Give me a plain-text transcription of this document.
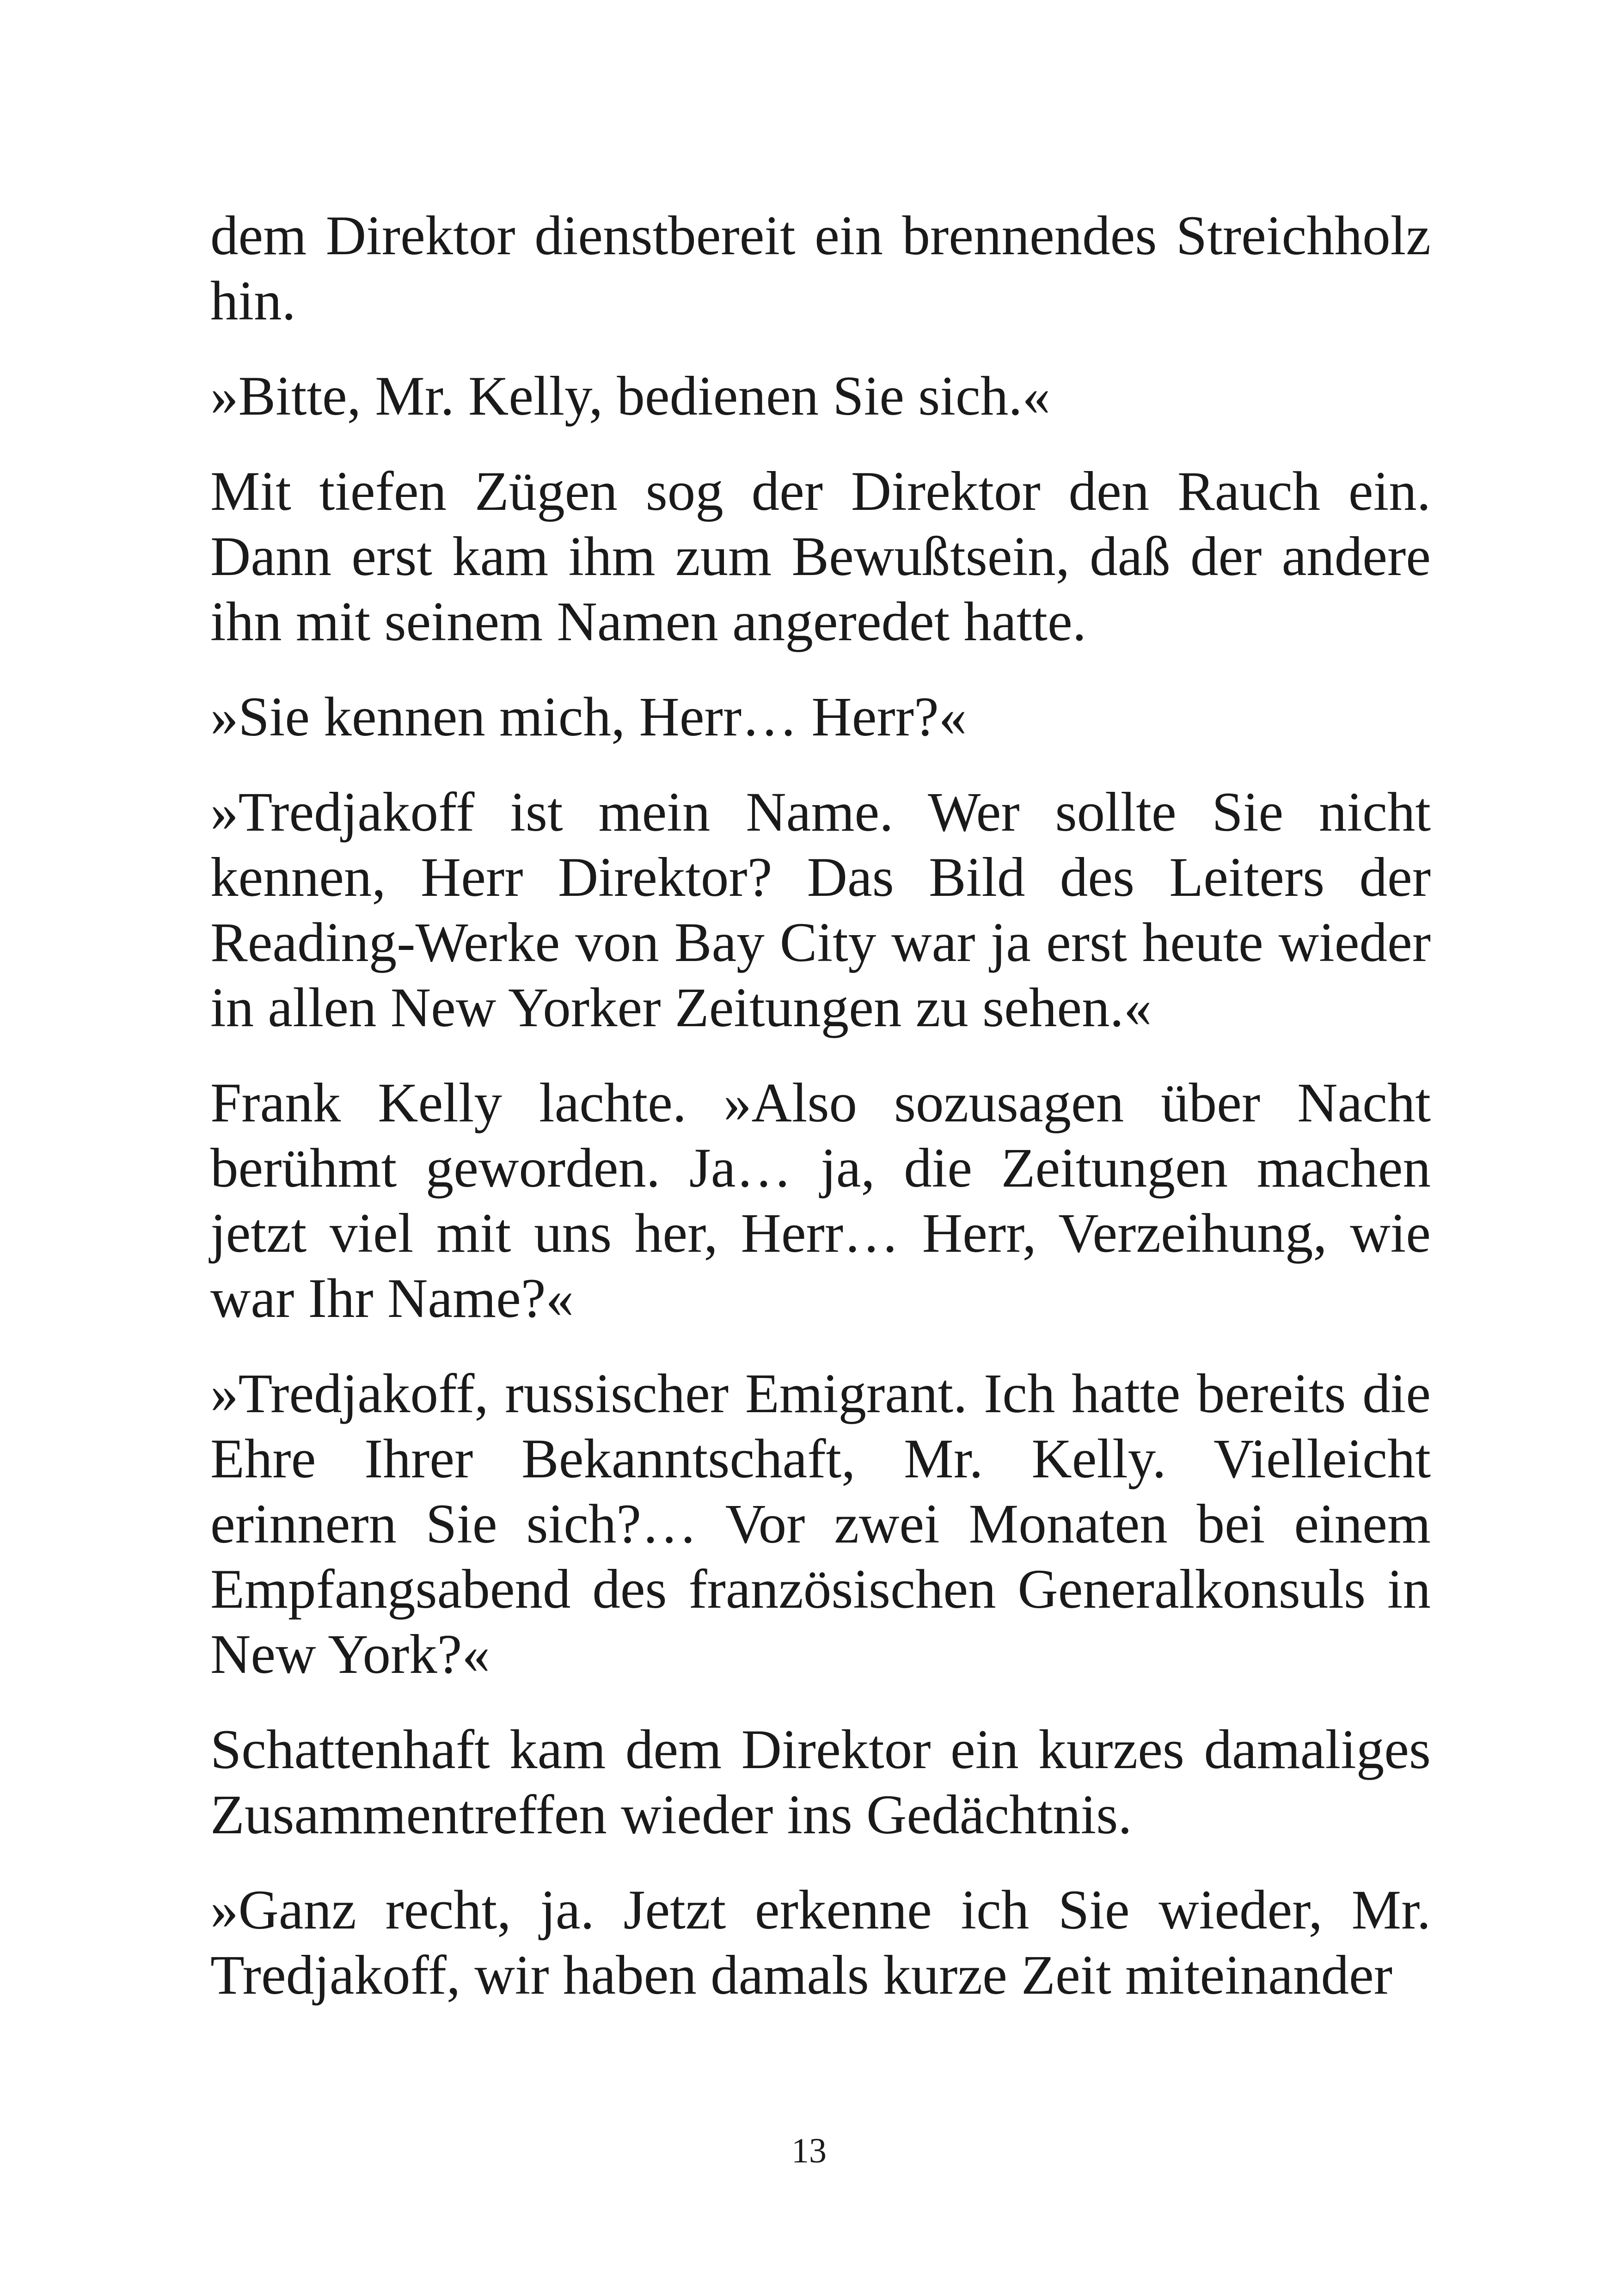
dem Direktor dienstbereit ein brennendes Streichholz hin.

»Bitte, Mr. Kelly, bedienen Sie sich.«

Mit tiefen Zügen sog der Direktor den Rauch ein. Dann erst kam ihm zum Bewußtsein, daß der andere ihn mit seinem Namen angeredet hatte.

»Sie kennen mich, Herr… Herr?«

»Tredjakoff ist mein Name. Wer sollte Sie nicht kennen, Herr Direktor? Das Bild des Leiters der Reading-Werke von Bay City war ja erst heute wieder in allen New Yorker Zeitungen zu sehen.«

Frank Kelly lachte. »Also sozusagen über Nacht berühmt geworden. Ja… ja, die Zeitungen machen jetzt viel mit uns her, Herr… Herr, Verzeihung, wie war Ihr Name?«

»Tredjakoff, russischer Emigrant. Ich hatte bereits die Ehre Ihrer Bekanntschaft, Mr. Kelly. Vielleicht erinnern Sie sich?… Vor zwei Monaten bei einem Empfangsabend des französischen Generalkonsuls in New York?«

Schattenhaft kam dem Direktor ein kurzes damaliges Zusammentreffen wieder ins Gedächtnis.

»Ganz recht, ja. Jetzt erkenne ich Sie wieder, Mr. Tredjakoff, wir haben damals kurze Zeit miteinander

13
